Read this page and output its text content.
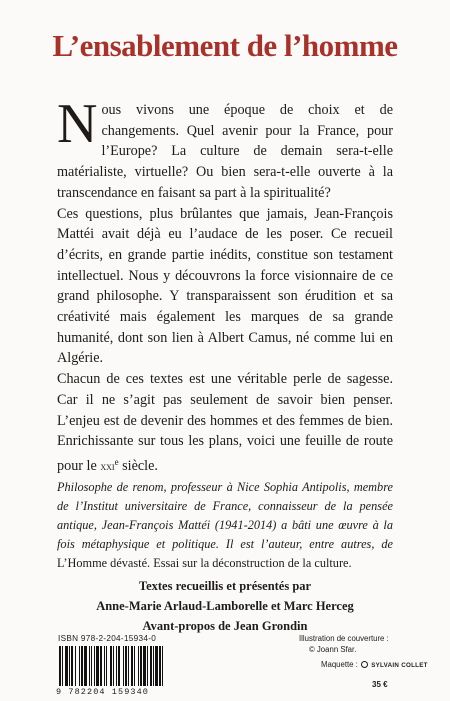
L’ensablement de l’homme

Nous vivons une époque de choix et de changements. Quel avenir pour la France, pour l’Europe? La culture de demain sera-t-elle matérialiste, virtuelle? Ou bien sera-t-elle ouverte à la transcendance en faisant sa part à la spiritualité?

Ces questions, plus brûlantes que jamais, Jean-François Mattéi avait déjà eu l’audace de les poser. Ce recueil d’écrits, en grande partie inédits, constitue son testament intellectuel. Nous y découvrons la force visionnaire de ce grand philosophe. Y transparaissent son érudition et sa créativité mais également les marques de sa grande humanité, dont son lien à Albert Camus, né comme lui en Algérie.

Chacun de ces textes est une véritable perle de sagesse. Car il ne s’agit pas seulement de savoir bien penser. L’enjeu est de devenir des hommes et des femmes de bien. Enrichissante sur tous les plans, voici une feuille de route pour le xxi$^e$ siècle.

Philosophe de renom, professeur à Nice Sophia Antipolis, membre de l’Institut universitaire de France, connaisseur de la pensée antique, Jean-François Mattéi (1941-2014) a bâti une œuvre à la fois métaphysique et politique. Il est l’auteur, entre autres, de L’Homme dévasté. Essai sur la déconstruction de la culture.

Textes recueillis et présentés par
Anne-Marie Arlaud-Lamborelle et Marc Herceg
Avant-propos de Jean Grondin
ISBN 978-2-204-15934-0
9 782204 159340
Illustration de couverture :
© Joann Sfar.
Maquette : SYLVAIN COLLET
35 €
